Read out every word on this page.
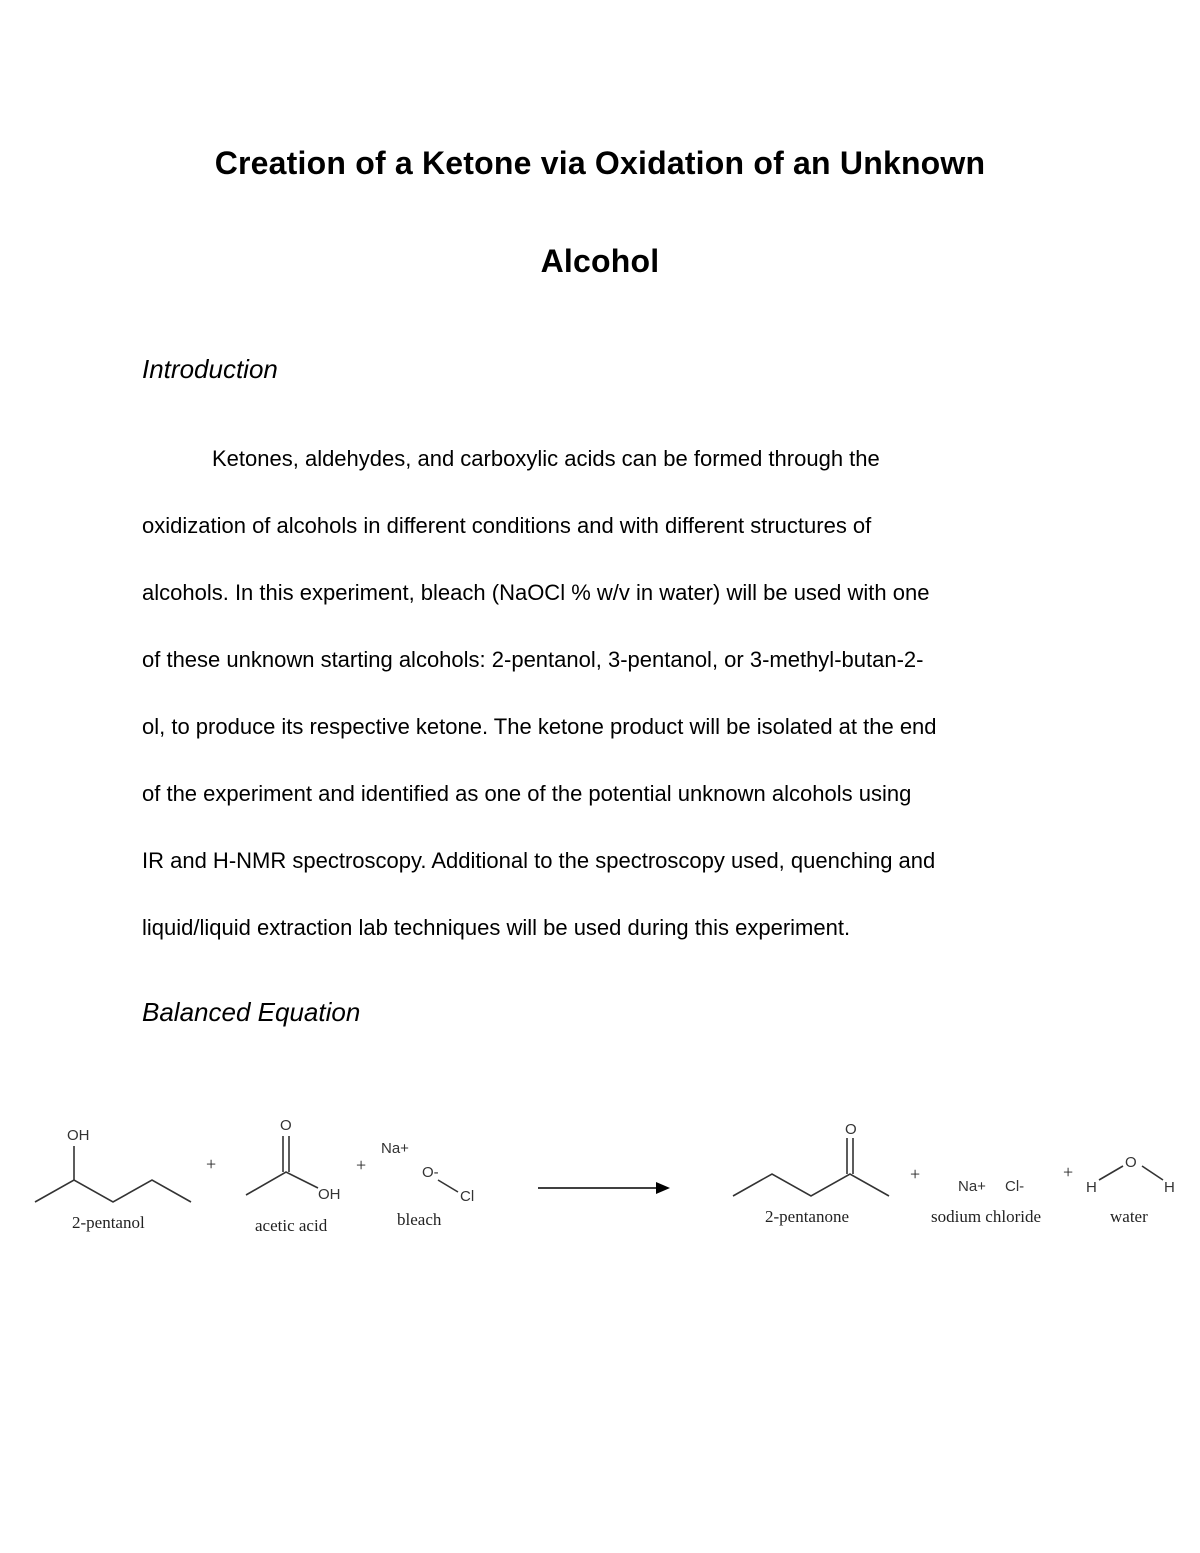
Creation of a Ketone via Oxidation of an Unknown
Alcohol
Introduction
Ketones, aldehydes, and carboxylic acids can be formed through the
oxidization of alcohols in different conditions and with different structures of
alcohols. In this experiment, bleach (NaOCl % w/v in water) will be used with one
of these unknown starting alcohols: 2-pentanol, 3-pentanol, or 3-methyl-butan-2-
ol, to produce its respective ketone. The ketone product will be isolated at the end
of the experiment and identified as one of the potential unknown alcohols using
IR and H-NMR spectroscopy. Additional to the spectroscopy used, quenching and
liquid/liquid extraction lab techniques will be used during this experiment.
Balanced Equation
OH
2-pentanol
+
O
OH
acetic acid
+
Na+
O-
Cl
bleach
O
2-pentanone
+
Na+ Cl-
sodium chloride
+
H
O
H
water
